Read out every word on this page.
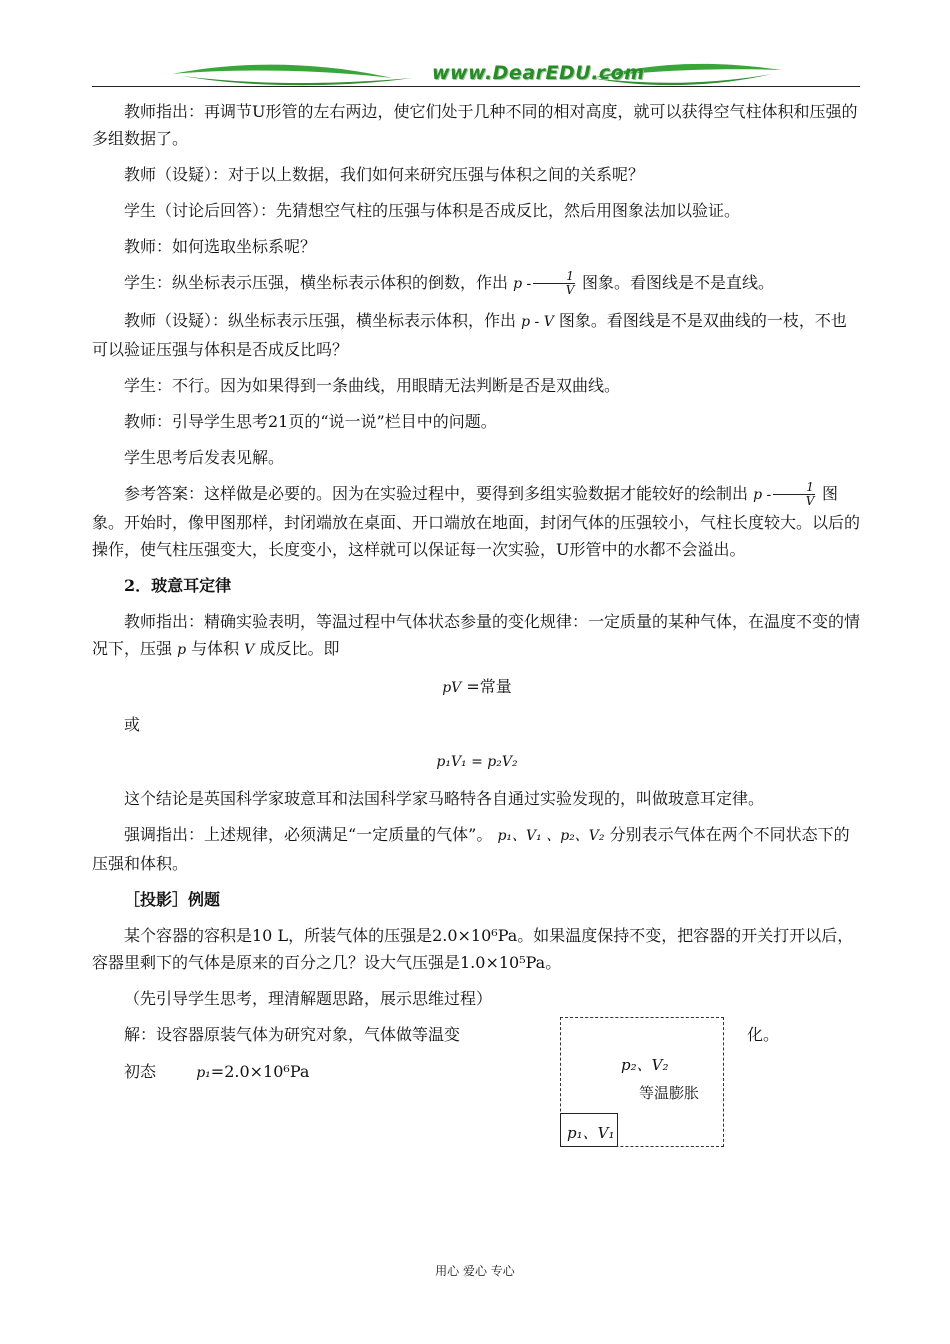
www.DearEDU.com

教师指出：再调节U形管的左右两边，使它们处于几种不同的相对高度，就可以获得空气柱体积和压强的多组数据了。

教师（设疑）：对于以上数据，我们如何来研究压强与体积之间的关系呢？

学生（讨论后回答）：先猜想空气柱的压强与体积是否成反比，然后用图象法加以验证。

教师：如何选取坐标系呢？

学生：纵坐标表示压强，横坐标表示体积的倒数，作出 p - $\frac{1}{V}$ 图象。看图线是不是直线。

教师（设疑）：纵坐标表示压强，横坐标表示体积，作出 p - V 图象。看图线是不是双曲线的一枝，不也可以验证压强与体积是否成反比吗？

学生：不行。因为如果得到一条曲线，用眼睛无法判断是否是双曲线。

教师：引导学生思考21页的“说一说”栏目中的问题。

学生思考后发表见解。

参考答案：这样做是必要的。因为在实验过程中，要得到多组实验数据才能较好的绘制出 p - $\frac{1}{V}$ 图象。开始时，像甲图那样，封闭端放在桌面、开口端放在地面，封闭气体的压强较小，气柱长度较大。以后的操作，使气柱压强变大，长度变小，这样就可以保证每一次实验，U形管中的水都不会溢出。

2．玻意耳定律

教师指出：精确实验表明，等温过程中气体状态参量的变化规律：一定质量的某种气体，在温度不变的情况下，压强 p 与体积 V 成反比。即

pV =常量

或

p₁V₁ = p₂V₂

这个结论是英国科学家玻意耳和法国科学家马略特各自通过实验发现的，叫做玻意耳定律。

强调指出：上述规律，必须满足“一定质量的气体”。 p₁、V₁ 、p₂、V₂ 分别表示气体在两个不同状态下的压强和体积。

［投影］例题

某个容器的容积是10 L，所装气体的压强是2.0×10⁶Pa。如果温度保持不变，把容器的开关打开以后，容器里剩下的气体是原来的百分之几？设大气压强是1.0×10⁵Pa。

（先引导学生思考，理清解题思路，展示思维过程）

解：设容器原装气体为研究对象，气体做等温变	化。

初态	p₁=2.0×10⁶Pa	p₂、V₂
等温膨胀
p₁、V₁
用心 爱心 专心
